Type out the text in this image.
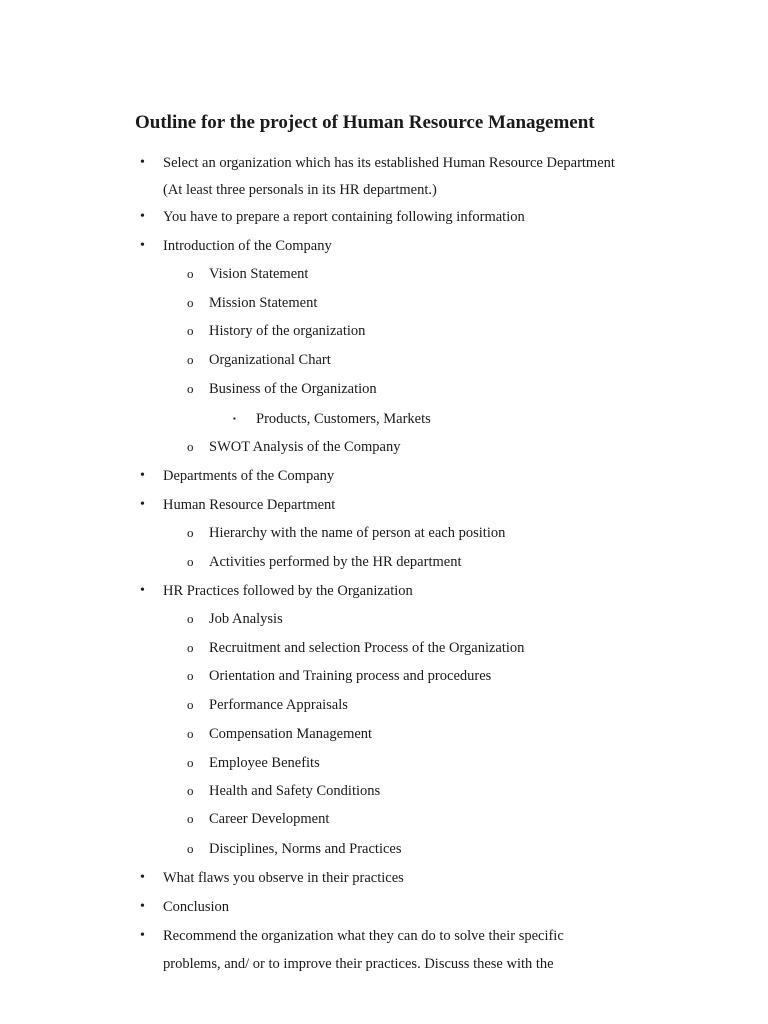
Outline for the project of Human Resource Management
• Select an organization which has its established Human Resource Department
(At least three personals in its HR department.)
• You have to prepare a report containing following information
• Introduction of the Company
o Vision Statement
o Mission Statement
o History of the organization
o Organizational Chart
o Business of the Organization
▪ Products, Customers, Markets
o SWOT Analysis of the Company
• Departments of the Company
• Human Resource Department
o Hierarchy with the name of person at each position
o Activities performed by the HR department
• HR Practices followed by the Organization
o Job Analysis
o Recruitment and selection Process of the Organization
o Orientation and Training process and procedures
o Performance Appraisals
o Compensation Management
o Employee Benefits
o Health and Safety Conditions
o Career Development
o Disciplines, Norms and Practices
• What flaws you observe in their practices
• Conclusion
• Recommend the organization what they can do to solve their specific
problems, and/ or to improve their practices. Discuss these with the
